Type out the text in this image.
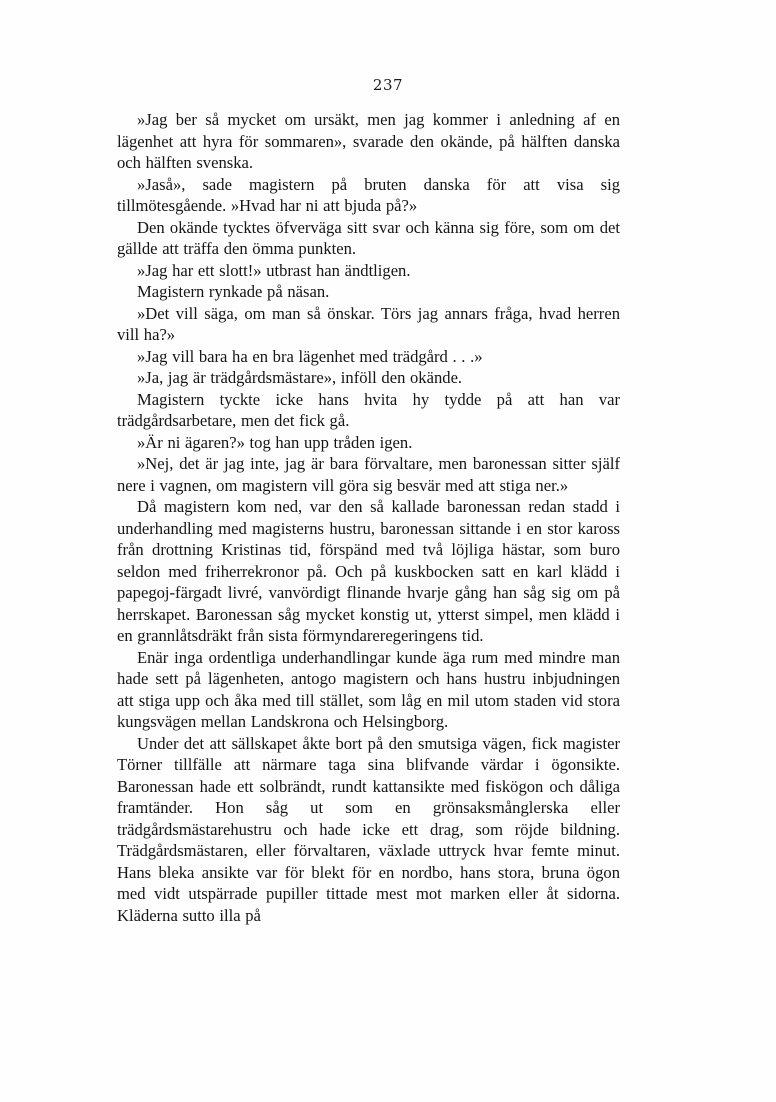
237

»Jag ber så mycket om ursäkt, men jag kommer i anledning af en lägenhet att hyra för sommaren», svarade den okände, på hälften danska och hälften svenska.

»Jaså», sade magistern på bruten danska för att visa sig tillmötesgående. »Hvad har ni att bjuda på?»

Den okände tycktes öfverväga sitt svar och känna sig före, som om det gällde att träffa den ömma punkten.

»Jag har ett slott!» utbrast han ändtligen.

Magistern rynkade på näsan.

»Det vill säga, om man så önskar. Törs jag annars fråga, hvad herren vill ha?»

»Jag vill bara ha en bra lägenhet med trädgård . . .»

»Ja, jag är trädgårdsmästare», inföll den okände.

Magistern tyckte icke hans hvita hy tydde på att han var trädgårdsarbetare, men det fick gå.

»Är ni ägaren?» tog han upp tråden igen.

»Nej, det är jag inte, jag är bara förvaltare, men baronessan sitter själf nere i vagnen, om magistern vill göra sig besvär med att stiga ner.»

Då magistern kom ned, var den så kallade baronessan redan stadd i underhandling med magisterns hustru, baronessan sittande i en stor kaross från drottning Kristinas tid, förspänd med två löjliga hästar, som buro seldon med friherrekronor på. Och på kuskbocken satt en karl klädd i papegoj-färgadt livré, vanvördigt flinande hvarje gång han såg sig om på herrskapet. Baronessan såg mycket konstig ut, ytterst simpel, men klädd i en grannlåtsdräkt från sista förmyndareregeringens tid.

Enär inga ordentliga underhandlingar kunde äga rum med mindre man hade sett på lägenheten, antogo magistern och hans hustru inbjudningen att stiga upp och åka med till stället, som låg en mil utom staden vid stora kungsvägen mellan Landskrona och Helsingborg.

Under det att sällskapet åkte bort på den smutsiga vägen, fick magister Törner tillfälle att närmare taga sina blifvande värdar i ögonsikte. Baronessan hade ett solbrändt, rundt kattansikte med fiskögon och dåliga framtänder. Hon såg ut som en grönsaksmånglerska eller trädgårdsmästarehustru och hade icke ett drag, som röjde bildning. Trädgårdsmästaren, eller förvaltaren, växlade uttryck hvar femte minut. Hans bleka ansikte var för blekt för en nordbo, hans stora, bruna ögon med vidt utspärrade pupiller tittade mest mot marken eller åt sidorna. Kläderna sutto illa på
